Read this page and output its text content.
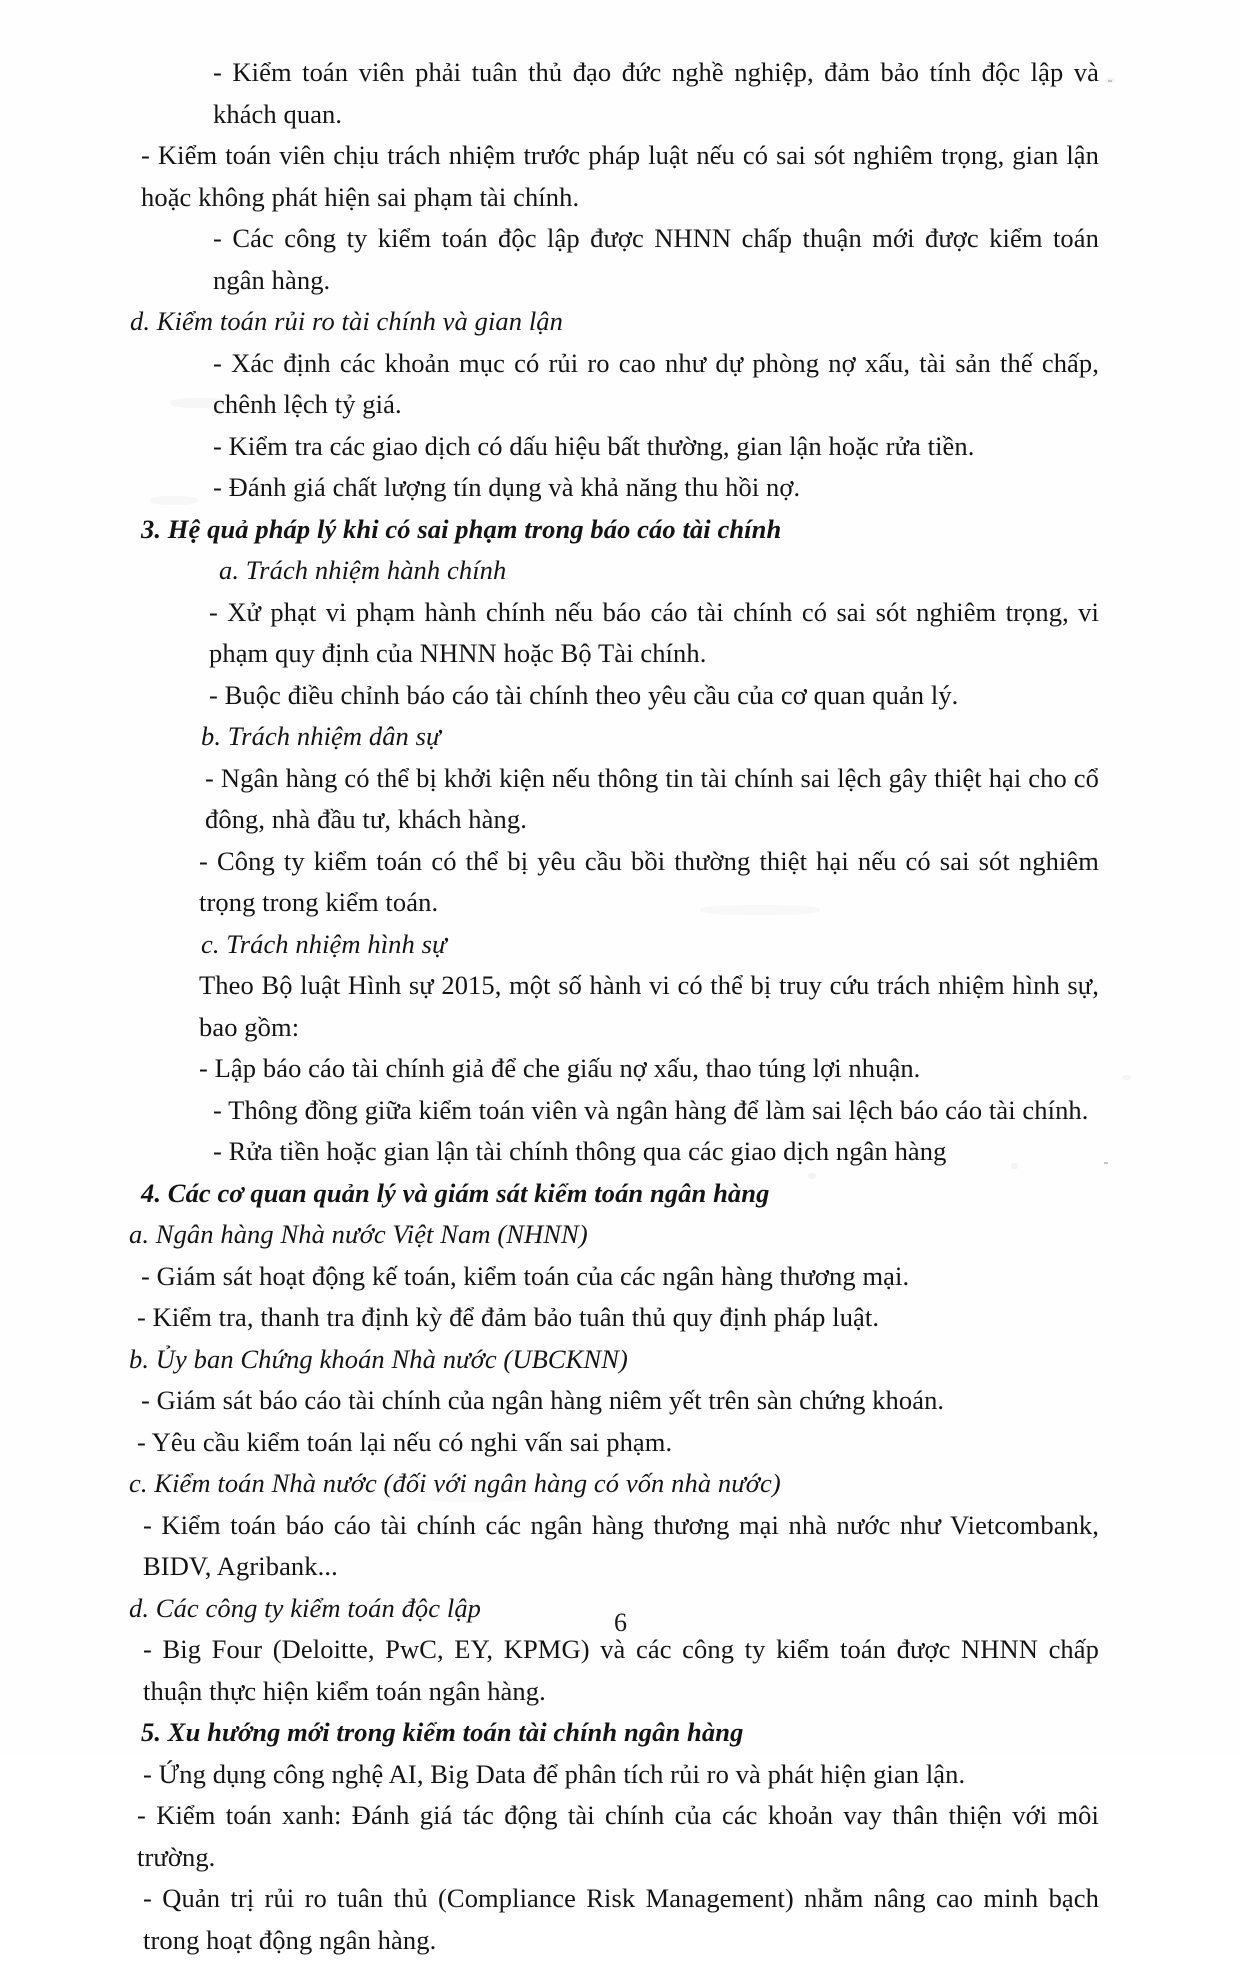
- Kiểm toán viên phải tuân thủ đạo đức nghề nghiệp, đảm bảo tính độc lập và khách quan.

- Kiểm toán viên chịu trách nhiệm trước pháp luật nếu có sai sót nghiêm trọng, gian lận hoặc không phát hiện sai phạm tài chính.

- Các công ty kiểm toán độc lập được NHNN chấp thuận mới được kiểm toán ngân hàng.

d. Kiểm toán rủi ro tài chính và gian lận

- Xác định các khoản mục có rủi ro cao như dự phòng nợ xấu, tài sản thế chấp, chênh lệch tỷ giá.

- Kiểm tra các giao dịch có dấu hiệu bất thường, gian lận hoặc rửa tiền.

- Đánh giá chất lượng tín dụng và khả năng thu hồi nợ.

3. Hệ quả pháp lý khi có sai phạm trong báo cáo tài chính

a. Trách nhiệm hành chính

- Xử phạt vi phạm hành chính nếu báo cáo tài chính có sai sót nghiêm trọng, vi phạm quy định của NHNN hoặc Bộ Tài chính.

- Buộc điều chỉnh báo cáo tài chính theo yêu cầu của cơ quan quản lý.

b. Trách nhiệm dân sự

- Ngân hàng có thể bị khởi kiện nếu thông tin tài chính sai lệch gây thiệt hại cho cổ đông, nhà đầu tư, khách hàng.

- Công ty kiểm toán có thể bị yêu cầu bồi thường thiệt hại nếu có sai sót nghiêm trọng trong kiểm toán.

c. Trách nhiệm hình sự

Theo Bộ luật Hình sự 2015, một số hành vi có thể bị truy cứu trách nhiệm hình sự, bao gồm:

- Lập báo cáo tài chính giả để che giấu nợ xấu, thao túng lợi nhuận.

- Thông đồng giữa kiểm toán viên và ngân hàng để làm sai lệch báo cáo tài chính.

- Rửa tiền hoặc gian lận tài chính thông qua các giao dịch ngân hàng

4. Các cơ quan quản lý và giám sát kiểm toán ngân hàng

a. Ngân hàng Nhà nước Việt Nam (NHNN)

- Giám sát hoạt động kế toán, kiểm toán của các ngân hàng thương mại.

- Kiểm tra, thanh tra định kỳ để đảm bảo tuân thủ quy định pháp luật.

b. Ủy ban Chứng khoán Nhà nước (UBCKNN)

- Giám sát báo cáo tài chính của ngân hàng niêm yết trên sàn chứng khoán.

- Yêu cầu kiểm toán lại nếu có nghi vấn sai phạm.

c. Kiểm toán Nhà nước (đối với ngân hàng có vốn nhà nước)

- Kiểm toán báo cáo tài chính các ngân hàng thương mại nhà nước như Vietcombank, BIDV, Agribank...

d. Các công ty kiểm toán độc lập

- Big Four (Deloitte, PwC, EY, KPMG) và các công ty kiểm toán được NHNN chấp thuận thực hiện kiểm toán ngân hàng.

5. Xu hướng mới trong kiểm toán tài chính ngân hàng

- Ứng dụng công nghệ AI, Big Data để phân tích rủi ro và phát hiện gian lận.

- Kiểm toán xanh: Đánh giá tác động tài chính của các khoản vay thân thiện với môi trường.

- Quản trị rủi ro tuân thủ (Compliance Risk Management) nhằm nâng cao minh bạch trong hoạt động ngân hàng.

6
